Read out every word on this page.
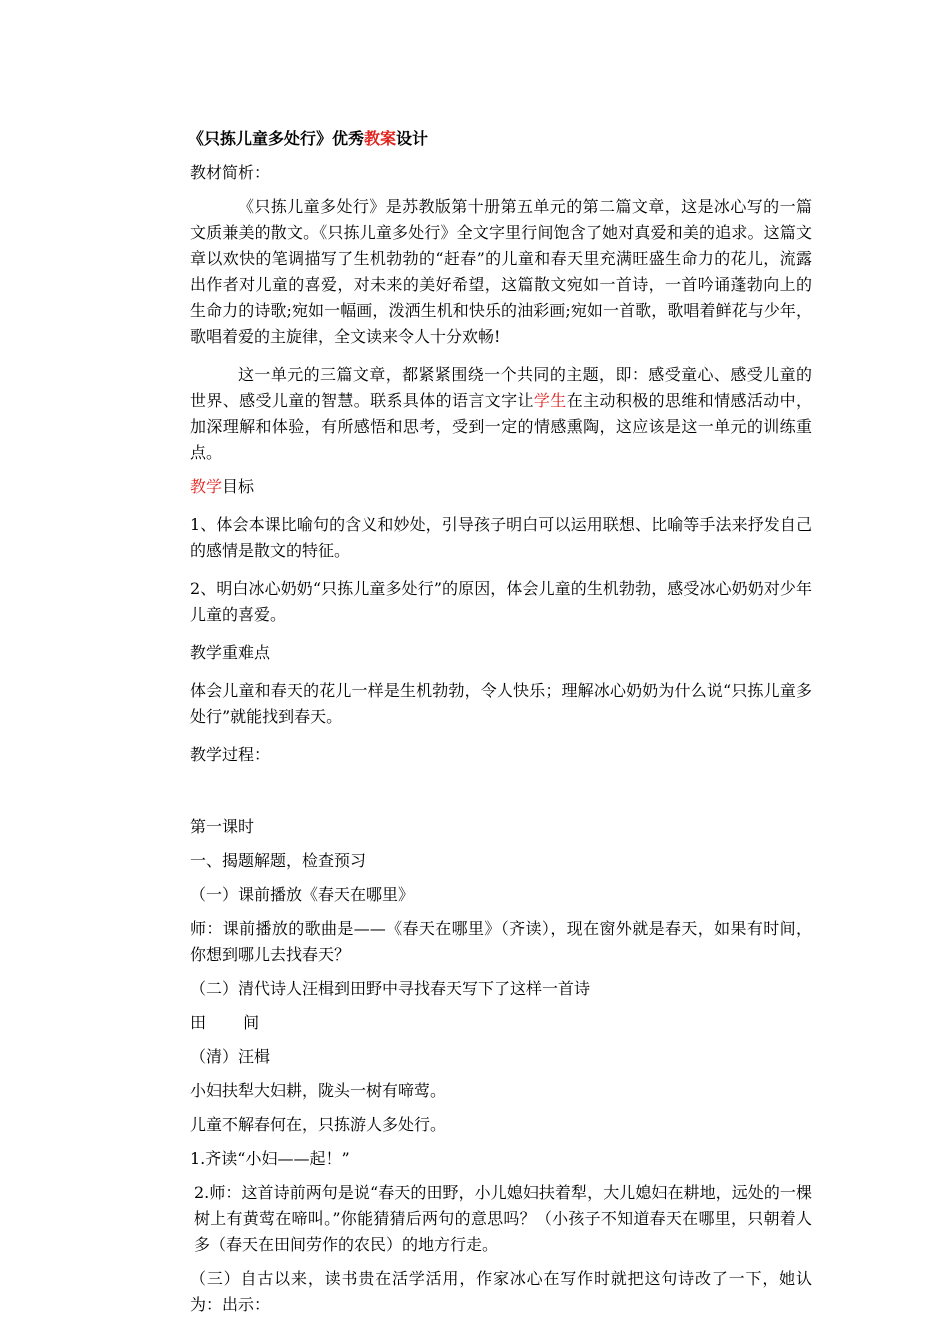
《只拣儿童多处行》优秀教案设计

教材简析：

《只拣儿童多处行》是苏教版第十册第五单元的第二篇文章，这是冰心写的一篇文质兼美的散文。《只拣儿童多处行》全文字里行间饱含了她对真爱和美的追求。这篇文章以欢快的笔调描写了生机勃勃的“赶春”的儿童和春天里充满旺盛生命力的花儿，流露出作者对儿童的喜爱，对未来的美好希望，这篇散文宛如一首诗，一首吟诵蓬勃向上的生命力的诗歌;宛如一幅画，泼洒生机和快乐的油彩画;宛如一首歌，歌唱着鲜花与少年，歌唱着爱的主旋律，全文读来令人十分欢畅!

这一单元的三篇文章，都紧紧围绕一个共同的主题，即：感受童心、感受儿童的世界、感受儿童的智慧。联系具体的语言文字让学生在主动积极的思维和情感活动中，加深理解和体验，有所感悟和思考，受到一定的情感熏陶，这应该是这一单元的训练重点。

教学目标

1、体会本课比喻句的含义和妙处，引导孩子明白可以运用联想、比喻等手法来抒发自己的感情是散文的特征。

2、明白冰心奶奶“只拣儿童多处行”的原因，体会儿童的生机勃勃，感受冰心奶奶对少年儿童的喜爱。

教学重难点

体会儿童和春天的花儿一样是生机勃勃，令人快乐；理解冰心奶奶为什么说“只拣儿童多处行”就能找到春天。

教学过程：

第一课时

一、揭题解题，检查预习

（一）课前播放《春天在哪里》

师：课前播放的歌曲是——《春天在哪里》（齐读），现在窗外就是春天，如果有时间，你想到哪儿去找春天？

（二）清代诗人汪楫到田野中寻找春天写下了这样一首诗

田 间

（清）汪楫

小妇扶犁大妇耕，陇头一树有啼莺。

儿童不解春何在，只拣游人多处行。

1.齐读“小妇——起！”

2.师：这首诗前两句是说“春天的田野，小儿媳妇扶着犁，大儿媳妇在耕地，远处的一棵树上有黄莺在啼叫。”你能猜猜后两句的意思吗？（小孩子不知道春天在哪里，只朝着人多（春天在田间劳作的农民）的地方行走。

（三）自古以来，读书贵在活学活用，作家冰心在写作时就把这句诗改了一下，她认为：出示：
